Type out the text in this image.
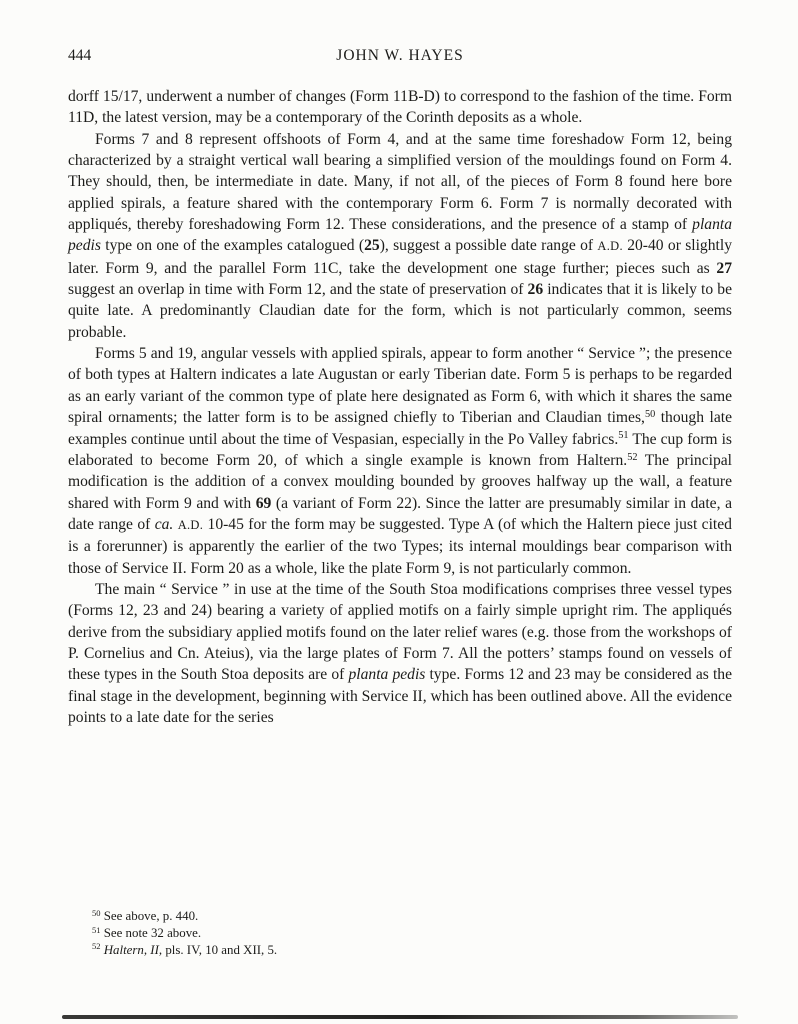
444	JOHN W. HAYES

dorff 15/17, underwent a number of changes (Form 11B-D) to correspond to the fashion of the time. Form 11D, the latest version, may be a contemporary of the Corinth deposits as a whole.

Forms 7 and 8 represent offshoots of Form 4, and at the same time foreshadow Form 12, being characterized by a straight vertical wall bearing a simplified version of the mouldings found on Form 4. They should, then, be intermediate in date. Many, if not all, of the pieces of Form 8 found here bore applied spirals, a feature shared with the contemporary Form 6. Form 7 is normally decorated with appliqués, thereby foreshadowing Form 12. These considerations, and the presence of a stamp of planta pedis type on one of the examples catalogued (25), suggest a possible date range of A.D. 20-40 or slightly later. Form 9, and the parallel Form 11C, take the development one stage further; pieces such as 27 suggest an overlap in time with Form 12, and the state of preservation of 26 indicates that it is likely to be quite late. A predominantly Claudian date for the form, which is not particularly common, seems probable.

Forms 5 and 19, angular vessels with applied spirals, appear to form another “ Service ”; the presence of both types at Haltern indicates a late Augustan or early Tiberian date. Form 5 is perhaps to be regarded as an early variant of the common type of plate here designated as Form 6, with which it shares the same spiral ornaments; the latter form is to be assigned chiefly to Tiberian and Claudian times,$^{50}$ though late examples continue until about the time of Vespasian, especially in the Po Valley fabrics.$^{51}$ The cup form is elaborated to become Form 20, of which a single example is known from Haltern.$^{52}$ The principal modification is the addition of a convex moulding bounded by grooves halfway up the wall, a feature shared with Form 9 and with 69 (a variant of Form 22). Since the latter are presumably similar in date, a date range of ca. A.D. 10-45 for the form may be suggested. Type A (of which the Haltern piece just cited is a forerunner) is apparently the earlier of the two Types; its internal mouldings bear comparison with those of Service II. Form 20 as a whole, like the plate Form 9, is not particularly common.

The main “ Service ” in use at the time of the South Stoa modifications comprises three vessel types (Forms 12, 23 and 24) bearing a variety of applied motifs on a fairly simple upright rim. The appliqués derive from the subsidiary applied motifs found on the later relief wares (e.g. those from the workshops of P. Cornelius and Cn. Ateius), via the large plates of Form 7. All the potters’ stamps found on vessels of these types in the South Stoa deposits are of planta pedis type. Forms 12 and 23 may be considered as the final stage in the development, beginning with Service II, which has been outlined above. All the evidence points to a late date for the series

$^{50}$ See above, p. 440.

$^{51}$ See note 32 above.

$^{52}$ Haltern, II, pls. IV, 10 and XII, 5.
